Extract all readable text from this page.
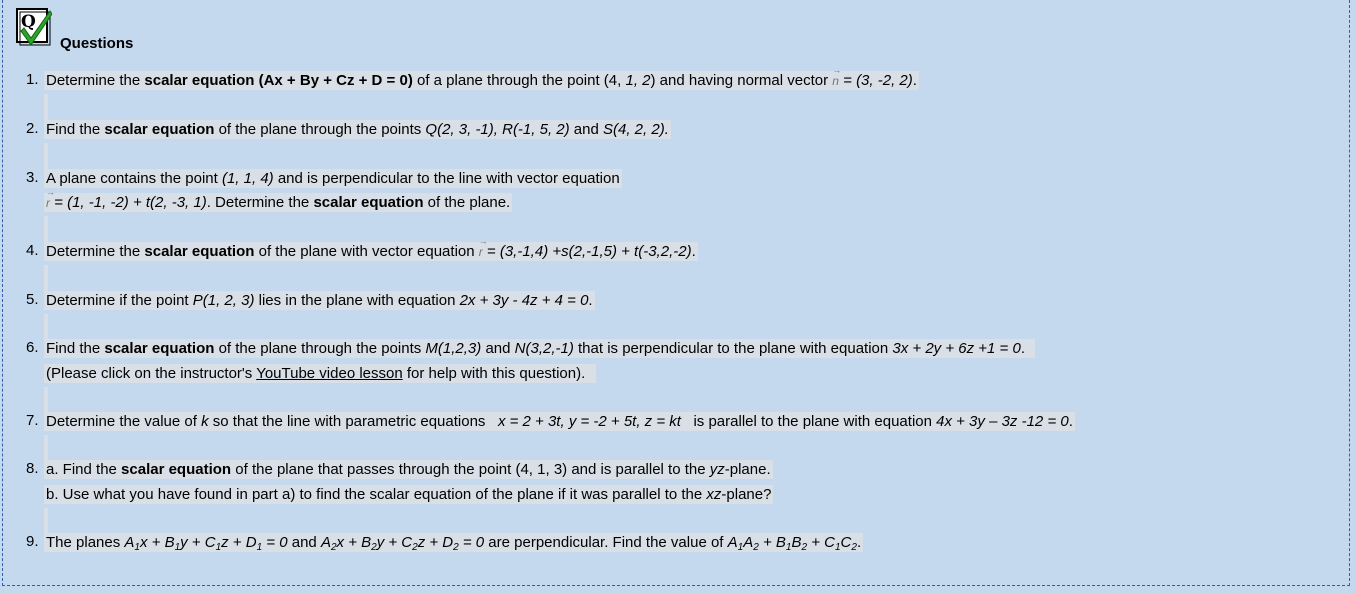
Q
Questions
1. Determine the scalar equation (Ax + By + Cz + D = 0) of a plane through the point (4, 1, 2) and having normal vector → n = (3, -2, 2).
2. Find the scalar equation of the plane through the points Q(2, 3, -1), R(-1, 5, 2) and S(4, 2, 2).
3. A plane contains the point (1, 1, 4) and is perpendicular to the line with vector equation
→ r = (1, -1, -2) + t(2, -3, 1). Determine the scalar equation of the plane.
4. Determine the scalar equation of the plane with vector equation → r = (3,-1,4) +s(2,-1,5) + t(-3,2,-2).
5. Determine if the point P(1, 2, 3) lies in the plane with equation 2x + 3y - 4z + 4 = 0.
6. Find the scalar equation of the plane through the points M(1,2,3) and N(3,2,-1) that is perpendicular to the plane with equation 3x + 2y + 6z +1 = 0.
(Please click on the instructor's YouTube video lesson for help with this question).
7. Determine the value of k so that the line with parametric equations   x = 2 + 3t, y = -2 + 5t, z = kt   is parallel to the plane with equation 4x + 3y – 3z -12 = 0.
8. a. Find the scalar equation of the plane that passes through the point (4, 1, 3) and is parallel to the yz-plane.
b. Use what you have found in part a) to find the scalar equation of the plane if it was parallel to the xz-plane?
9. The planes $A_1x + B_1y + C_1z + D_1 = 0$ and $A_2x + B_2y + C_2z + D_2 = 0$ are perpendicular. Find the value of $A_1A_2 + B_1B_2 + C_1C_2$.
